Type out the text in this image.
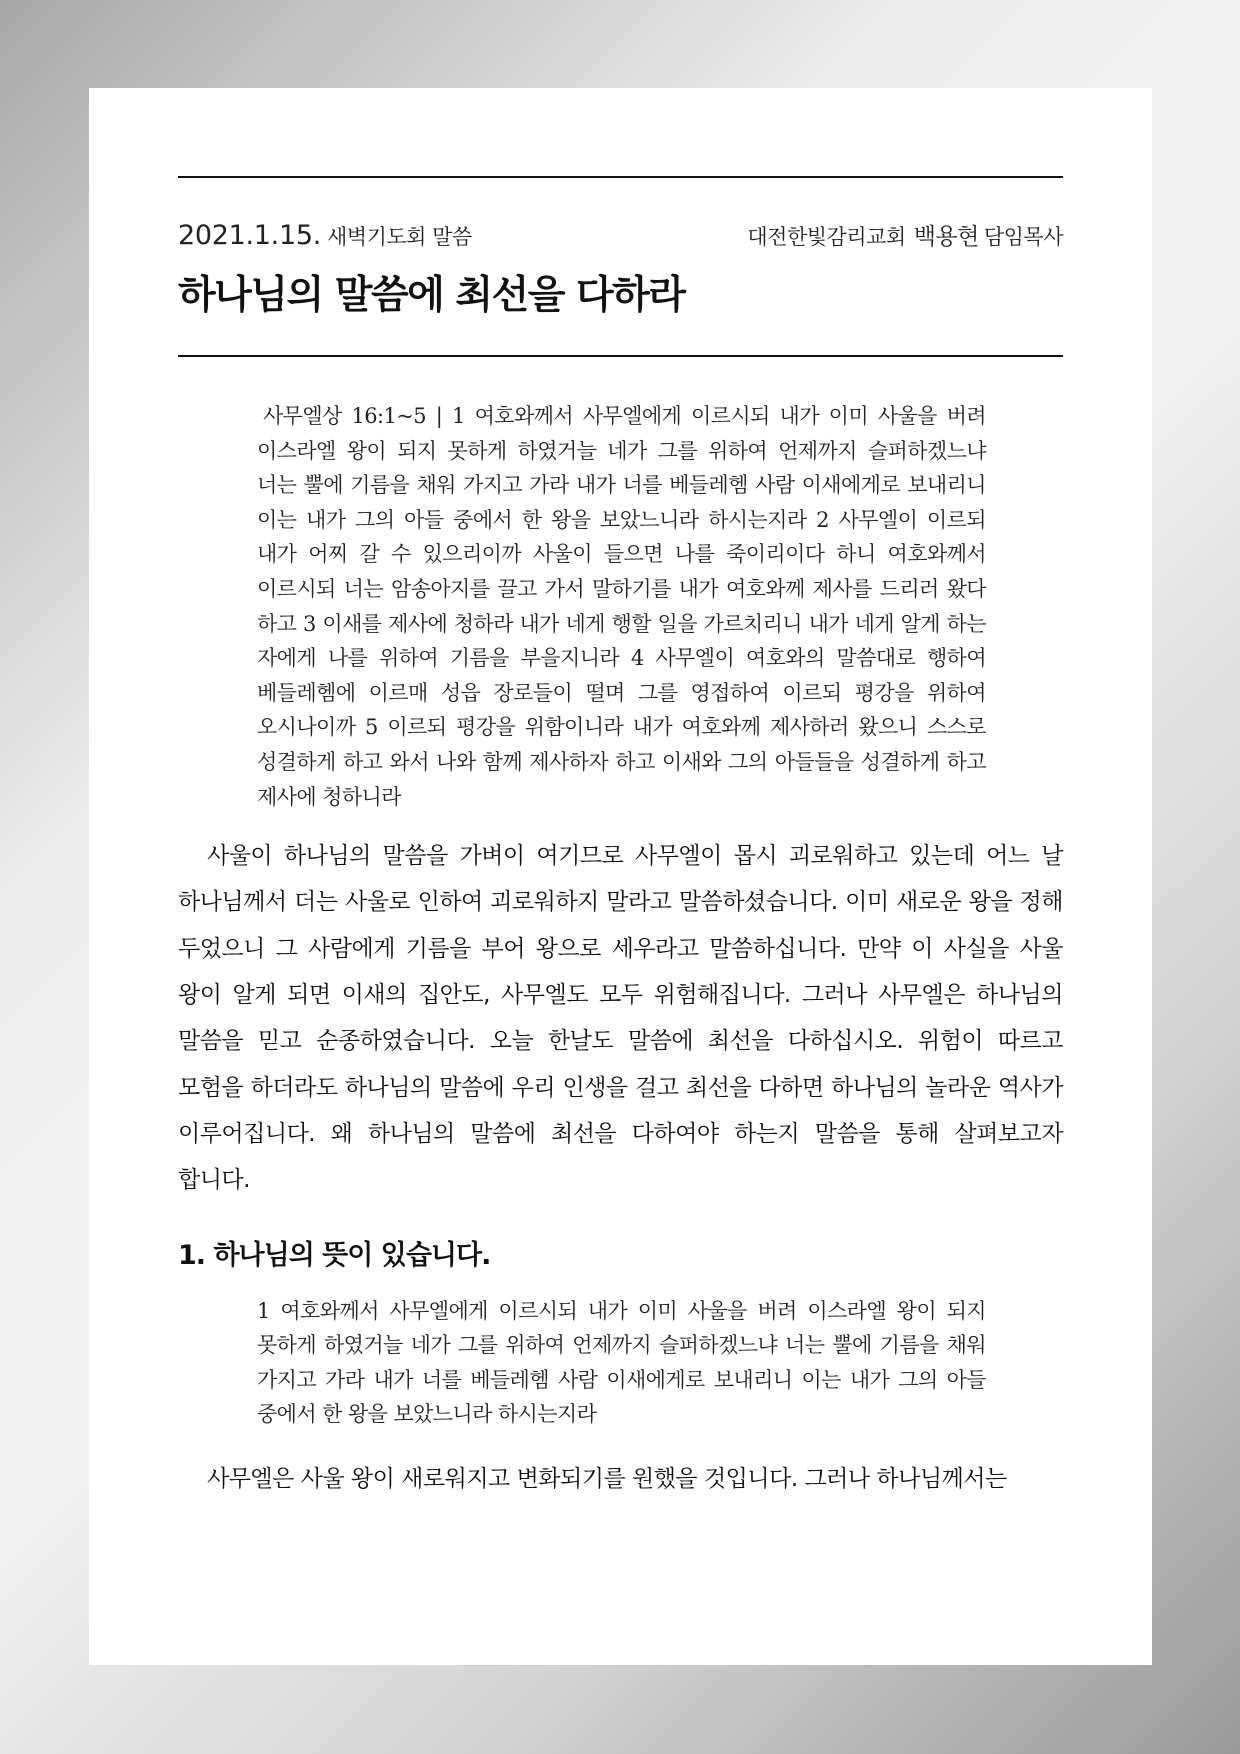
2021.1.15. 새벽기도회 말씀	대전한빛감리교회 백용현 담임목사
하나님의 말씀에 최선을 다하라
사무엘상 16:1~5 | 1 여호와께서 사무엘에게 이르시되 내가 이미 사울을 버려 이스라엘 왕이 되지 못하게 하였거늘 네가 그를 위하여 언제까지 슬퍼하겠느냐 너는 뿔에 기름을 채워 가지고 가라 내가 너를 베들레헴 사람 이새에게로 보내리니 이는 내가 그의 아들 중에서 한 왕을 보았느니라 하시는지라 2 사무엘이 이르되 내가 어찌 갈 수 있으리이까 사울이 들으면 나를 죽이리이다 하니 여호와께서 이르시되 너는 암송아지를 끌고 가서 말하기를 내가 여호와께 제사를 드리러 왔다 하고 3 이새를 제사에 청하라 내가 네게 행할 일을 가르치리니 내가 네게 알게 하는 자에게 나를 위하여 기름을 부을지니라 4 사무엘이 여호와의 말씀대로 행하여 베들레헴에 이르매 성읍 장로들이 떨며 그를 영접하여 이르되 평강을 위하여 오시나이까 5 이르되 평강을 위함이니라 내가 여호와께 제사하러 왔으니 스스로 성결하게 하고 와서 나와 함께 제사하자 하고 이새와 그의 아들들을 성결하게 하고 제사에 청하니라
사울이 하나님의 말씀을 가벼이 여기므로 사무엘이 몹시 괴로워하고 있는데 어느 날 하나님께서 더는 사울로 인하여 괴로워하지 말라고 말씀하셨습니다. 이미 새로운 왕을 정해 두었으니 그 사람에게 기름을 부어 왕으로 세우라고 말씀하십니다. 만약 이 사실을 사울 왕이 알게 되면 이새의 집안도, 사무엘도 모두 위험해집니다. 그러나 사무엘은 하나님의 말씀을 믿고 순종하였습니다. 오늘 한날도 말씀에 최선을 다하십시오. 위험이 따르고 모험을 하더라도 하나님의 말씀에 우리 인생을 걸고 최선을 다하면 하나님의 놀라운 역사가 이루어집니다. 왜 하나님의 말씀에 최선을 다하여야 하는지 말씀을 통해 살펴보고자 합니다.
1. 하나님의 뜻이 있습니다.
1 여호와께서 사무엘에게 이르시되 내가 이미 사울을 버려 이스라엘 왕이 되지 못하게 하였거늘 네가 그를 위하여 언제까지 슬퍼하겠느냐 너는 뿔에 기름을 채워 가지고 가라 내가 너를 베들레헴 사람 이새에게로 보내리니 이는 내가 그의 아들 중에서 한 왕을 보았느니라 하시는지라
사무엘은 사울 왕이 새로워지고 변화되기를 원했을 것입니다. 그러나 하나님께서는
